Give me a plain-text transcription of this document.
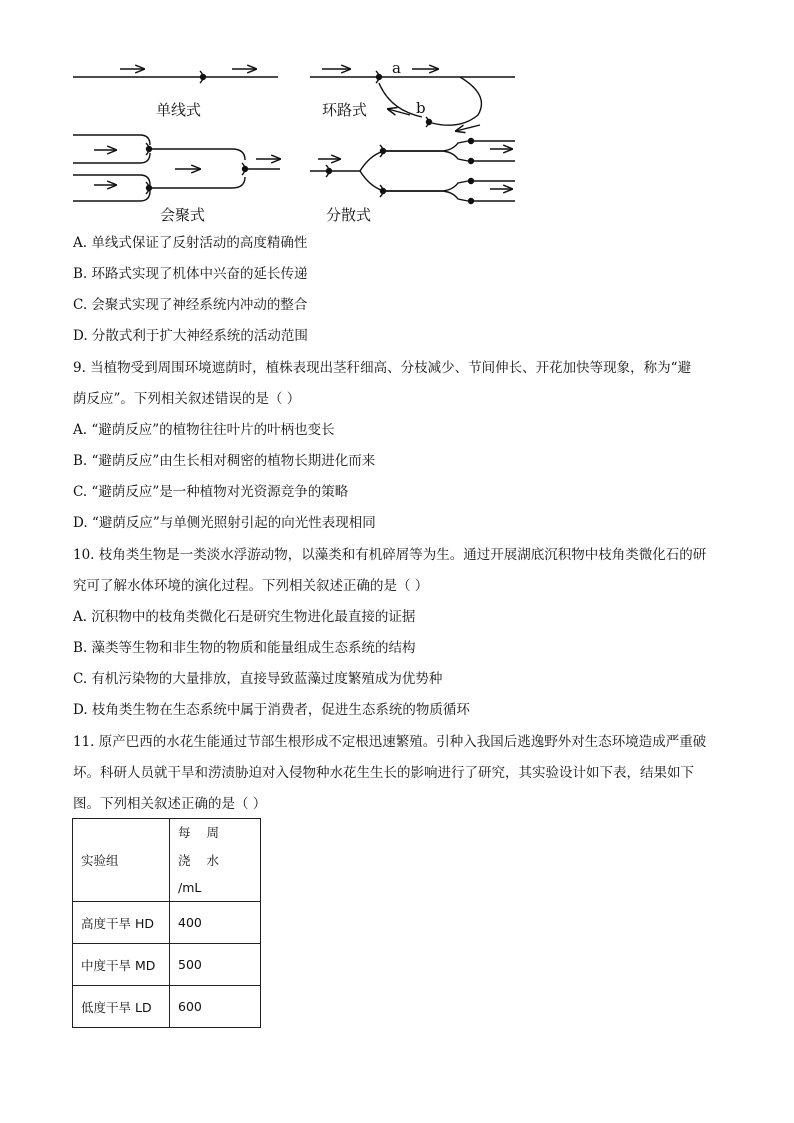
单线式
a
b
环路式
会聚式	分散式
A. 单线式保证了反射活动的高度精确性
B. 环路式实现了机体中兴奋的延长传递
C. 会聚式实现了神经系统内冲动的整合
D. 分散式利于扩大神经系统的活动范围
9. 当植物受到周围环境遮荫时，植株表现出茎秆细高、分枝减少、节间伸长、开花加快等现象，称为“避
荫反应”。下列相关叙述错误的是（ ）
A. “避荫反应”的植物往往叶片的叶柄也变长
B. “避荫反应”由生长相对稠密的植物长期进化而来
C. “避荫反应”是一种植物对光资源竞争的策略
D. “避荫反应”与单侧光照射引起的向光性表现相同
10. 枝角类生物是一类淡水浮游动物，以藻类和有机碎屑等为生。通过开展湖底沉积物中枝角类微化石的研
究可了解水体环境的演化过程。下列相关叙述正确的是（ ）
A. 沉积物中的枝角类微化石是研究生物进化最直接的证据
B. 藻类等生物和非生物的物质和能量组成生态系统的结构
C. 有机污染物的大量排放，直接导致蓝藻过度繁殖成为优势种
D. 枝角类生物在生态系统中属于消费者，促进生态系统的物质循环
11. 原产巴西的水花生能通过节部生根形成不定根迅速繁殖。引种入我国后逃逸野外对生态环境造成严重破
坏。科研人员就干旱和涝渍胁迫对入侵物种水花生生长的影响进行了研究，其实验设计如下表，结果如下
图。下列相关叙述正确的是（ ）
实验组	每 周 浇 水
/mL

高度干旱 HD	400
中度干旱 MD	500
低度干旱 LD	600
